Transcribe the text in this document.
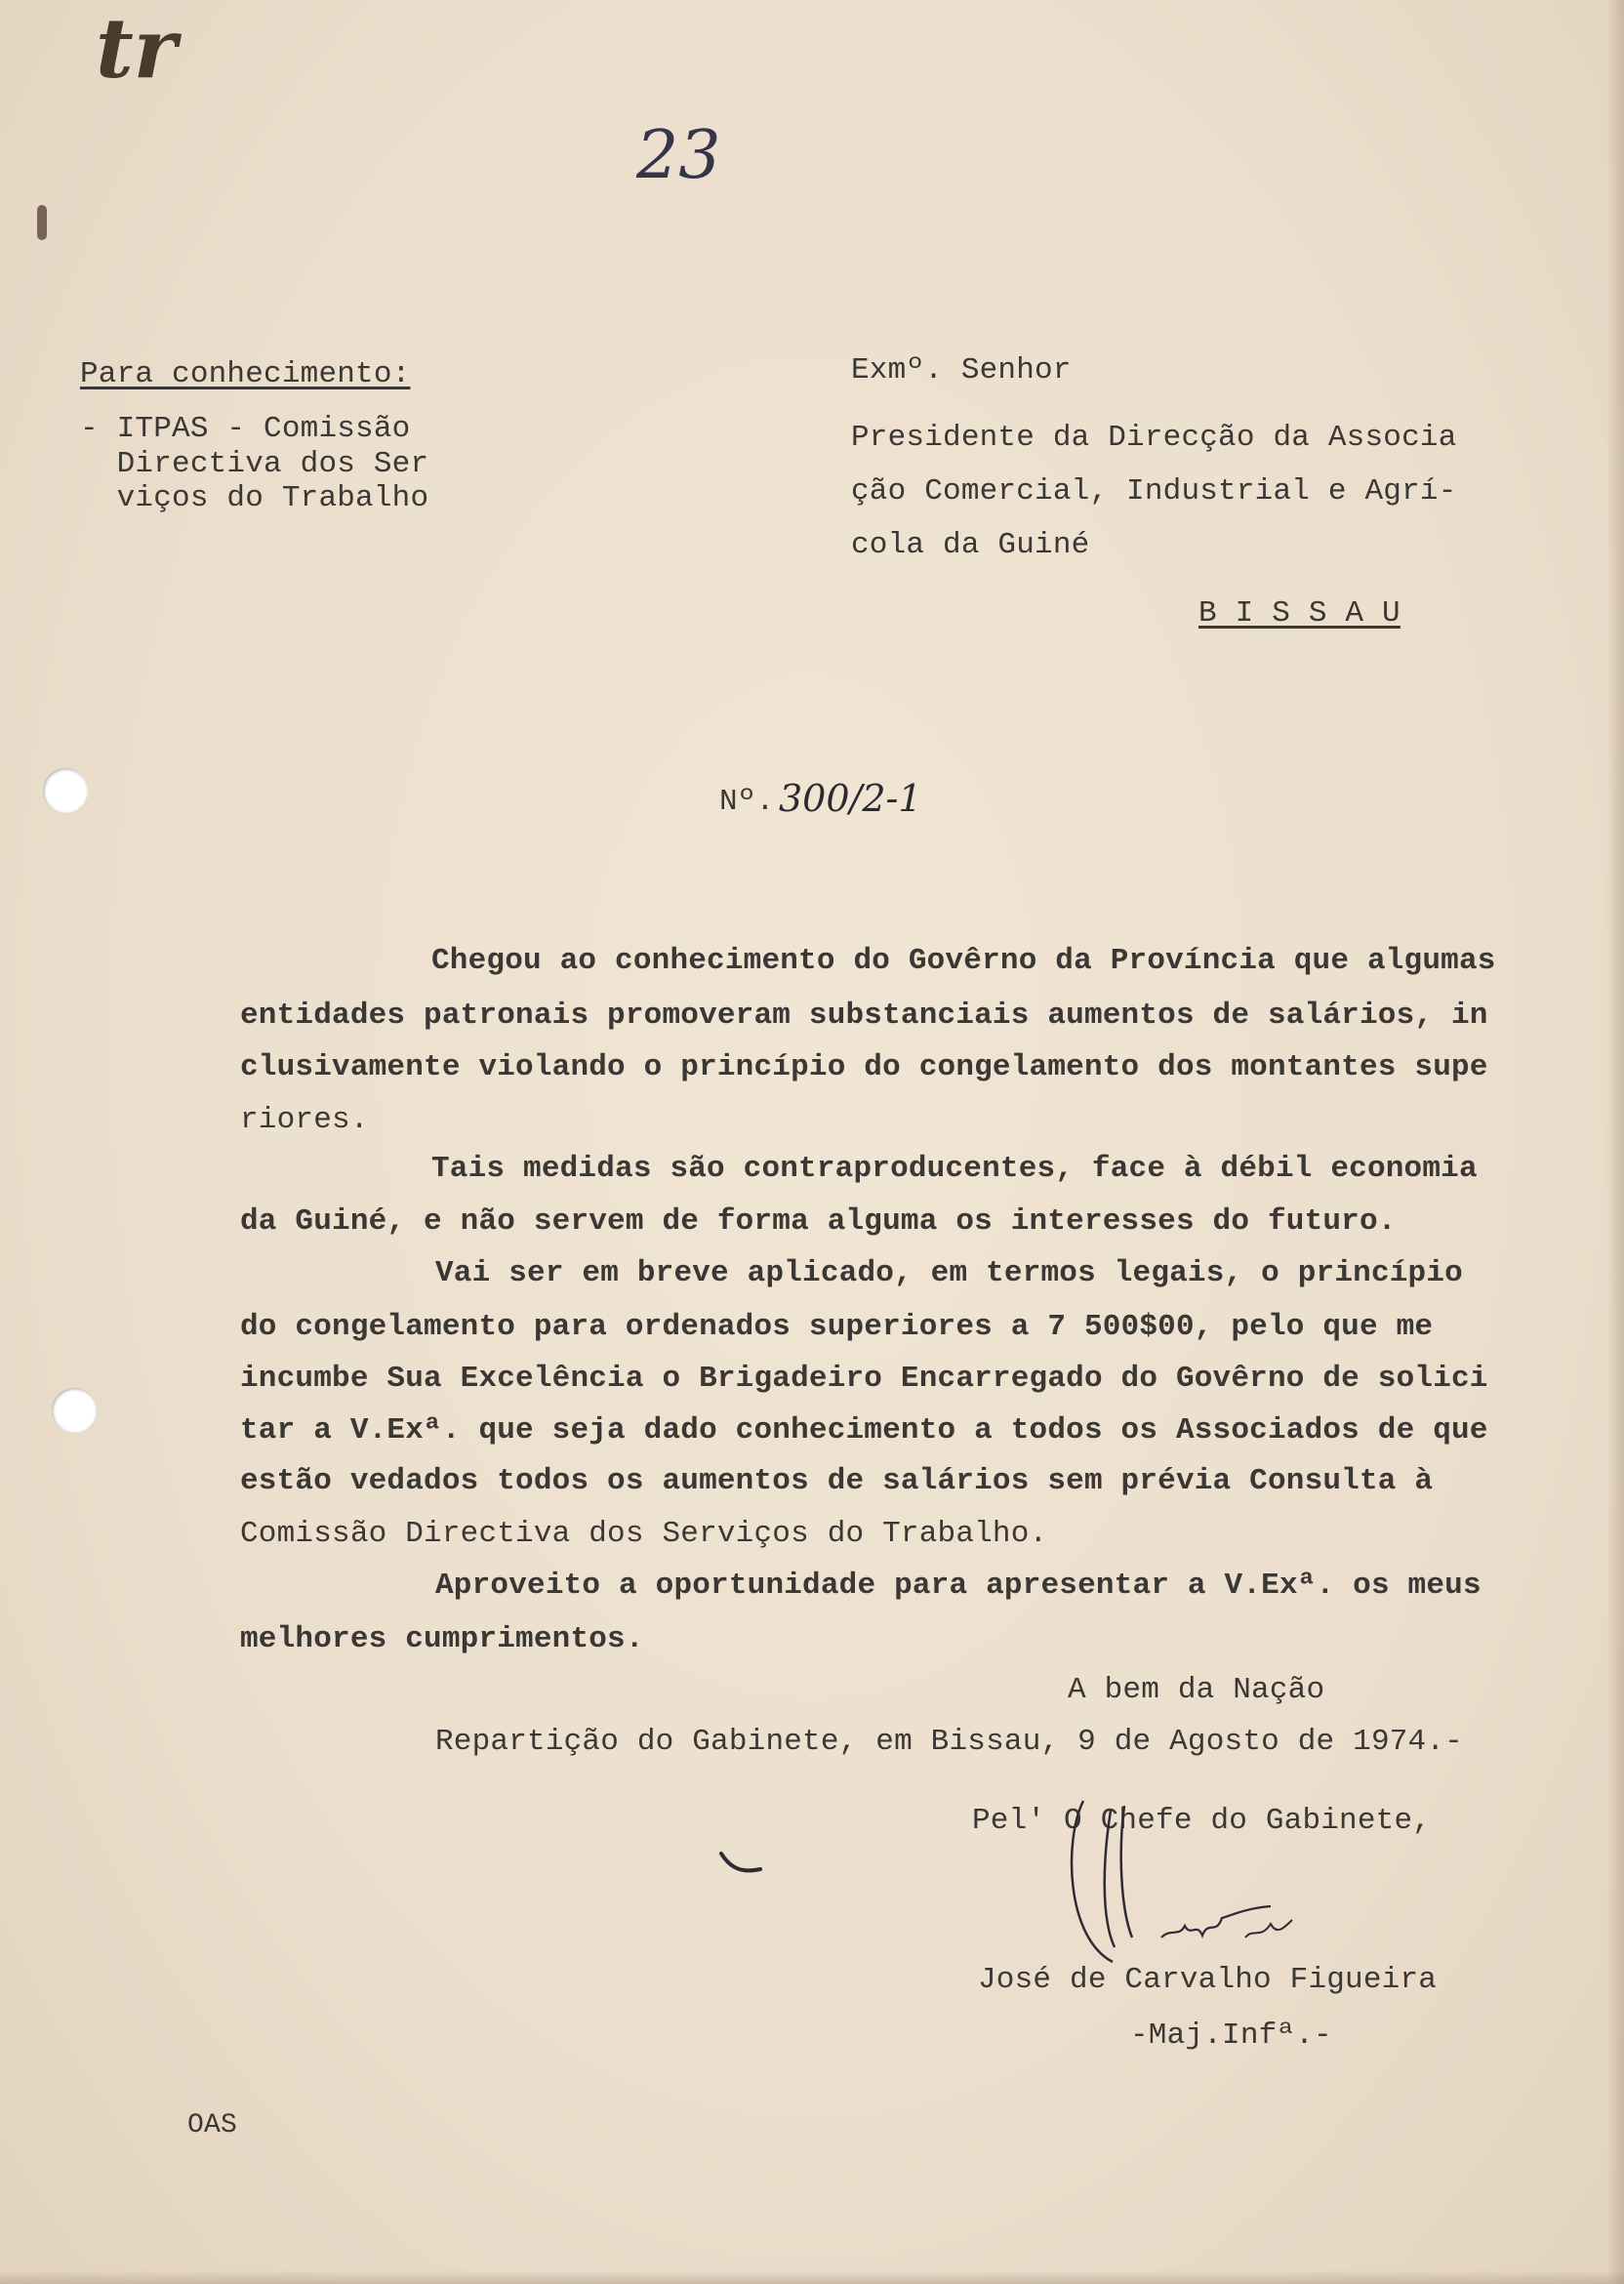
tr
23
Para conhecimento:
- ITPAS - Comissão
Directiva dos Ser
viços do Trabalho
Exmº. Senhor
Presidente da Direcção da Associa
ção Comercial, Industrial e Agrí-
cola da Guiné
B I S S A U
Nº. 300/2-1
Chegou ao conhecimento do Govêrno da Província que algumas
entidades patronais promoveram substanciais aumentos de salários, in
clusivamente violando o princípio do congelamento dos montantes supe
riores.
Tais medidas são contraproducentes, face à débil economia
da Guiné, e não servem de forma alguma os interesses do futuro.
Vai ser em breve aplicado, em termos legais, o princípio
do congelamento para ordenados superiores a 7 500$00, pelo que me
incumbe Sua Excelência o Brigadeiro Encarregado do Govêrno de solici
tar a V.Exª. que seja dado conhecimento a todos os Associados de que
estão vedados todos os aumentos de salários sem prévia Consulta à
Comissão Directiva dos Serviços do Trabalho.
Aproveito a oportunidade para apresentar a V.Exª. os meus
melhores cumprimentos.
A bem da Nação
Repartição do Gabinete, em Bissau, 9 de Agosto de 1974.-
Pel' O Chefe do Gabinete,
José de Carvalho Figueira
-Maj.Infª.-
OAS
